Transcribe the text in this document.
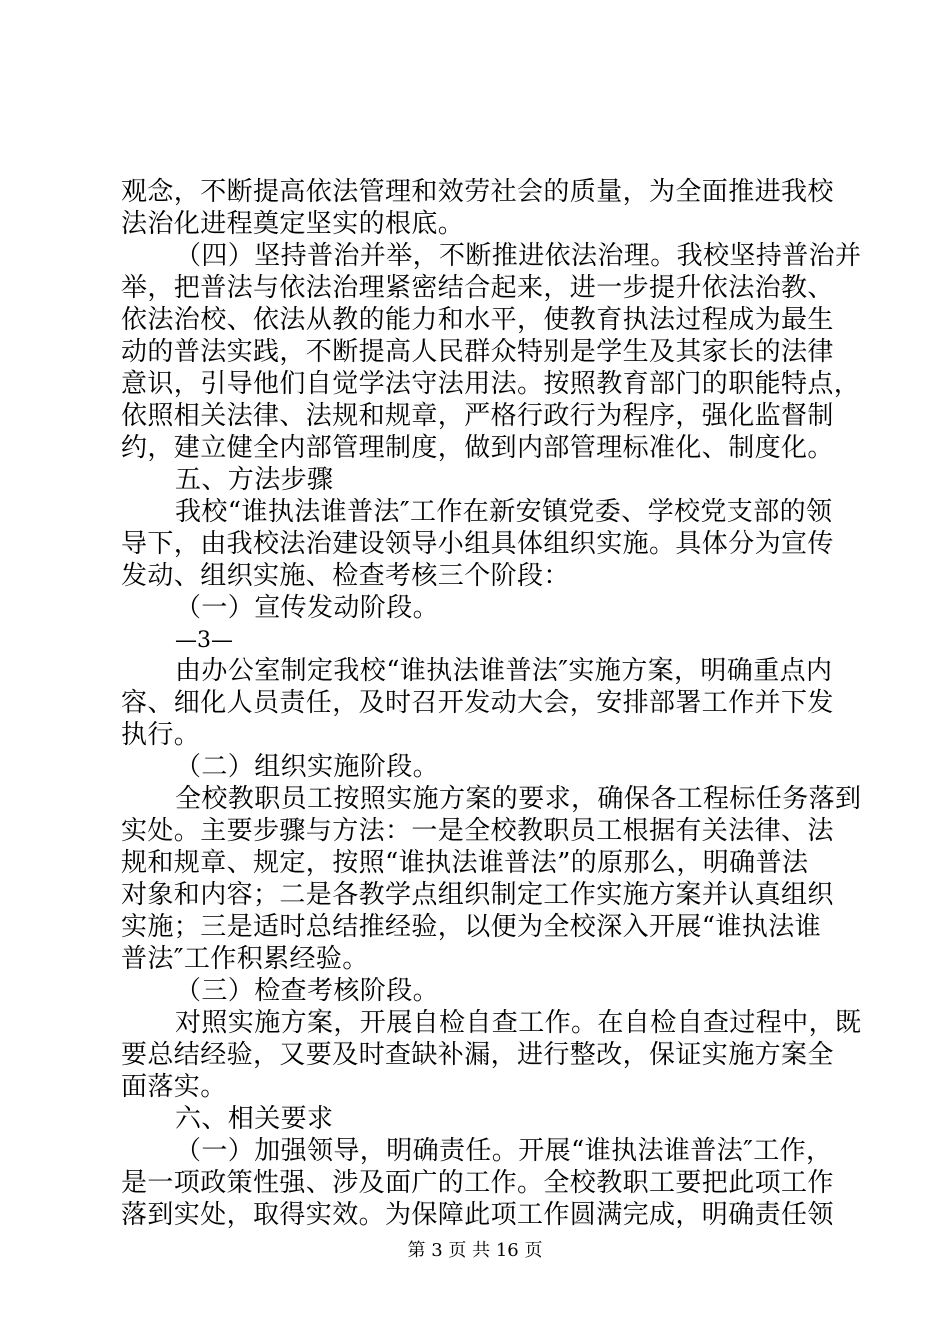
观念，不断提高依法管理和效劳社会的质量，为全面推进我校
法治化进程奠定坚实的根底。
（四）坚持普治并举，不断推进依法治理。我校坚持普治并
举，把普法与依法治理紧密结合起来，进一步提升依法治教、
依法治校、依法从教的能力和水平，使教育执法过程成为最生
动的普法实践，不断提高人民群众特别是学生及其家长的法律
意识，引导他们自觉学法守法用法。按照教育部门的职能特点，
依照相关法律、法规和规章，严格行政行为程序，强化监督制
约，建立健全内部管理制度，做到内部管理标准化、制度化。
五、方法步骤
我校“谁执法谁普法″工作在新安镇党委、学校党支部的领
导下，由我校法治建设领导小组具体组织实施。具体分为宣传
发动、组织实施、检查考核三个阶段：
（一）宣传发动阶段。
—3—
由办公室制定我校“谁执法谁普法″实施方案，明确重点内
容、细化人员责任，及时召开发动大会，安排部署工作并下发
执行。
（二）组织实施阶段。
全校教职员工按照实施方案的要求，确保各工程标任务落到
实处。主要步骤与方法：一是全校教职员工根据有关法律、法
规和规章、规定，按照“谁执法谁普法”的原那么，明确普法
对象和内容；二是各教学点组织制定工作实施方案并认真组织
实施；三是适时总结推经验，以便为全校深入开展“谁执法谁
普法″工作积累经验。
（三）检查考核阶段。
对照实施方案，开展自检自查工作。在自检自查过程中，既
要总结经验，又要及时查缺补漏，进行整改，保证实施方案全
面落实。
六、相关要求
（一）加强领导，明确责任。开展“谁执法谁普法″工作，
是一项政策性强、涉及面广的工作。全校教职工要把此项工作
落到实处，取得实效。为保障此项工作圆满完成，明确责任领
第 3 页 共 16 页
